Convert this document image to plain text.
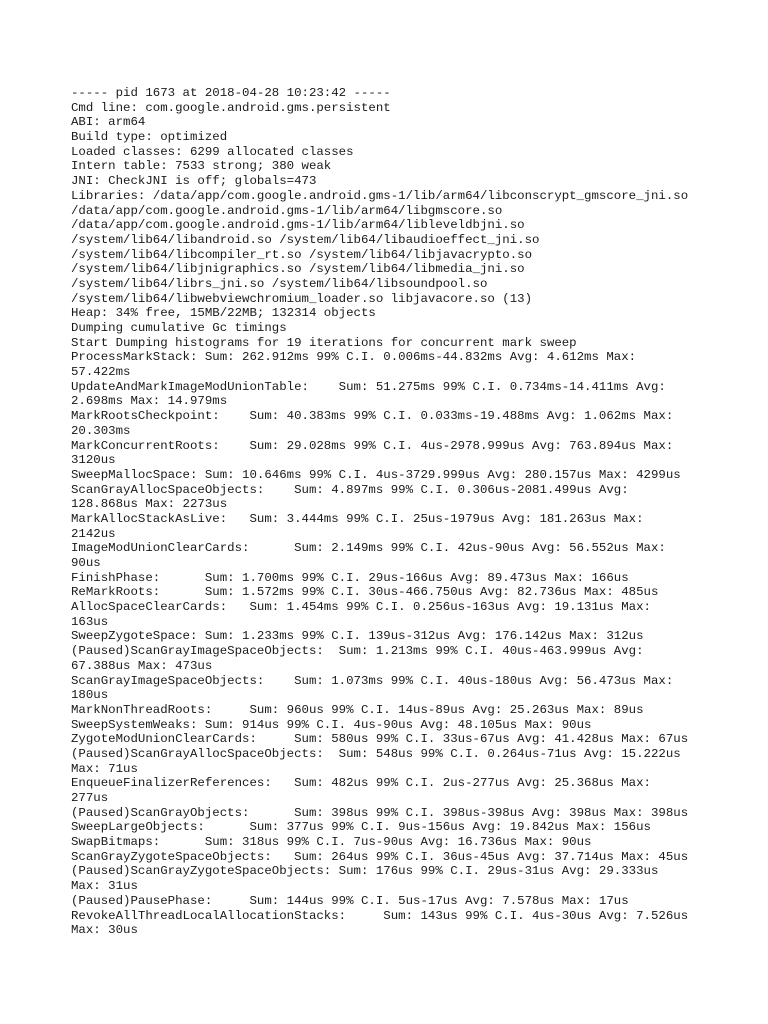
----- pid 1673 at 2018-04-28 10:23:42 -----
Cmd line: com.google.android.gms.persistent
ABI: arm64
Build type: optimized
Loaded classes: 6299 allocated classes
Intern table: 7533 strong; 380 weak
JNI: CheckJNI is off; globals=473
Libraries: /data/app/com.google.android.gms-1/lib/arm64/libconscrypt_gmscore_jni.so
/data/app/com.google.android.gms-1/lib/arm64/libgmscore.so
/data/app/com.google.android.gms-1/lib/arm64/libleveldbjni.so
/system/lib64/libandroid.so /system/lib64/libaudioeffect_jni.so
/system/lib64/libcompiler_rt.so /system/lib64/libjavacrypto.so
/system/lib64/libjnigraphics.so /system/lib64/libmedia_jni.so
/system/lib64/librs_jni.so /system/lib64/libsoundpool.so
/system/lib64/libwebviewchromium_loader.so libjavacore.so (13)
Heap: 34% free, 15MB/22MB; 132314 objects
Dumping cumulative Gc timings
Start Dumping histograms for 19 iterations for concurrent mark sweep
ProcessMarkStack: Sum: 262.912ms 99% C.I. 0.006ms-44.832ms Avg: 4.612ms Max:
57.422ms
UpdateAndMarkImageModUnionTable:    Sum: 51.275ms 99% C.I. 0.734ms-14.411ms Avg:
2.698ms Max: 14.979ms
MarkRootsCheckpoint:    Sum: 40.383ms 99% C.I. 0.033ms-19.488ms Avg: 1.062ms Max:
20.303ms
MarkConcurrentRoots:    Sum: 29.028ms 99% C.I. 4us-2978.999us Avg: 763.894us Max:
3120us
SweepMallocSpace: Sum: 10.646ms 99% C.I. 4us-3729.999us Avg: 280.157us Max: 4299us
ScanGrayAllocSpaceObjects:    Sum: 4.897ms 99% C.I. 0.306us-2081.499us Avg:
128.868us Max: 2273us
MarkAllocStackAsLive:   Sum: 3.444ms 99% C.I. 25us-1979us Avg: 181.263us Max:
2142us
ImageModUnionClearCards:      Sum: 2.149ms 99% C.I. 42us-90us Avg: 56.552us Max:
90us
FinishPhase:      Sum: 1.700ms 99% C.I. 29us-166us Avg: 89.473us Max: 166us
ReMarkRoots:      Sum: 1.572ms 99% C.I. 30us-466.750us Avg: 82.736us Max: 485us
AllocSpaceClearCards:   Sum: 1.454ms 99% C.I. 0.256us-163us Avg: 19.131us Max:
163us
SweepZygoteSpace: Sum: 1.233ms 99% C.I. 139us-312us Avg: 176.142us Max: 312us
(Paused)ScanGrayImageSpaceObjects:  Sum: 1.213ms 99% C.I. 40us-463.999us Avg:
67.388us Max: 473us
ScanGrayImageSpaceObjects:    Sum: 1.073ms 99% C.I. 40us-180us Avg: 56.473us Max:
180us
MarkNonThreadRoots:     Sum: 960us 99% C.I. 14us-89us Avg: 25.263us Max: 89us
SweepSystemWeaks: Sum: 914us 99% C.I. 4us-90us Avg: 48.105us Max: 90us
ZygoteModUnionClearCards:     Sum: 580us 99% C.I. 33us-67us Avg: 41.428us Max: 67us
(Paused)ScanGrayAllocSpaceObjects:  Sum: 548us 99% C.I. 0.264us-71us Avg: 15.222us
Max: 71us
EnqueueFinalizerReferences:   Sum: 482us 99% C.I. 2us-277us Avg: 25.368us Max:
277us
(Paused)ScanGrayObjects:      Sum: 398us 99% C.I. 398us-398us Avg: 398us Max: 398us
SweepLargeObjects:      Sum: 377us 99% C.I. 9us-156us Avg: 19.842us Max: 156us
SwapBitmaps:      Sum: 318us 99% C.I. 7us-90us Avg: 16.736us Max: 90us
ScanGrayZygoteSpaceObjects:   Sum: 264us 99% C.I. 36us-45us Avg: 37.714us Max: 45us
(Paused)ScanGrayZygoteSpaceObjects: Sum: 176us 99% C.I. 29us-31us Avg: 29.333us
Max: 31us
(Paused)PausePhase:     Sum: 144us 99% C.I. 5us-17us Avg: 7.578us Max: 17us
RevokeAllThreadLocalAllocationStacks:     Sum: 143us 99% C.I. 4us-30us Avg: 7.526us
Max: 30us
